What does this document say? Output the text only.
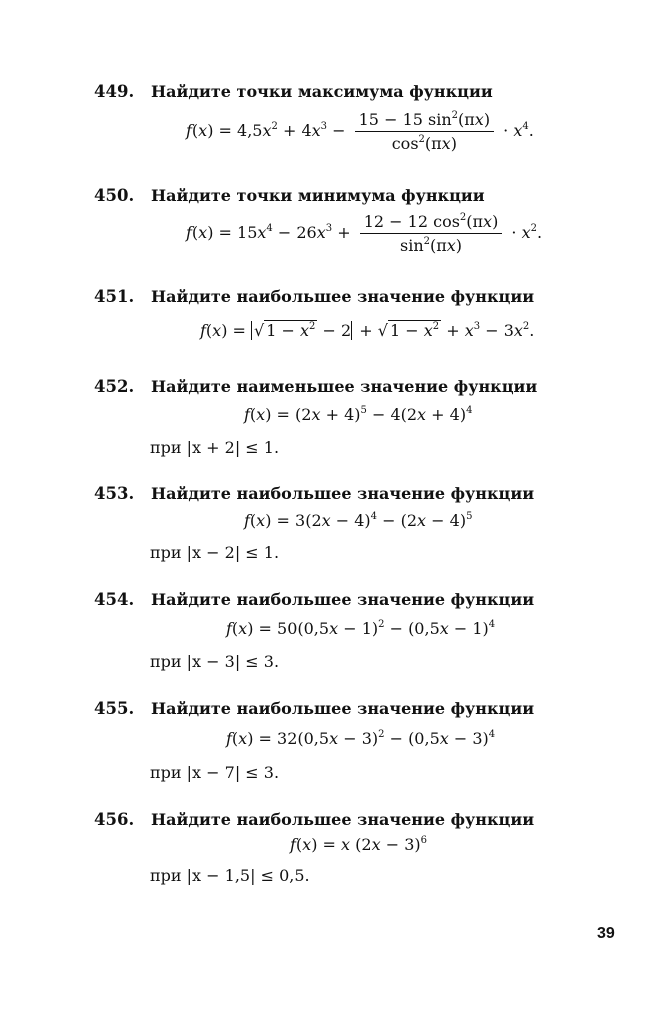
449. Найдите точки максимума функции
$f(x) = 4,5x^2 + 4x^3 - \frac{15 - 15 \sin^2(\pi x)}{\cos^2(\pi x)} \cdot x^4$.
450. Найдите точки минимума функции
$f(x) = 15x^4 - 26x^3 + \frac{12 - 12 \cos^2(\pi x)}{\sin^2(\pi x)} \cdot x^2$.
451. Найдите наибольшее значение функции
f(x) = √ $1 - x^2 - 2$ + √ $1 - x^2 + x^3 - 3x^2$.
452. Найдите наименьшее значение функции
$f(x) = (2x + 4)^5 - 4(2x + 4)^4$
при |x + 2| ≤ 1.
453. Найдите наибольшее значение функции
$f(x) = 3(2x - 4)^4 - (2x - 4)^5$
при |x − 2| ≤ 1.
454. Найдите наибольшее значение функции
$f(x) = 50(0,5x - 1)^2 - (0,5x - 1)^4$
при |x − 3| ≤ 3.
455. Найдите наибольшее значение функции
$f(x) = 32(0,5x - 3)^2 - (0,5x - 3)^4$
при |x − 7| ≤ 3.
456. Найдите наибольшее значение функции
f(x) = x $(2x - 3)^6$
при |x − 1,5| ≤ 0,5.
39
